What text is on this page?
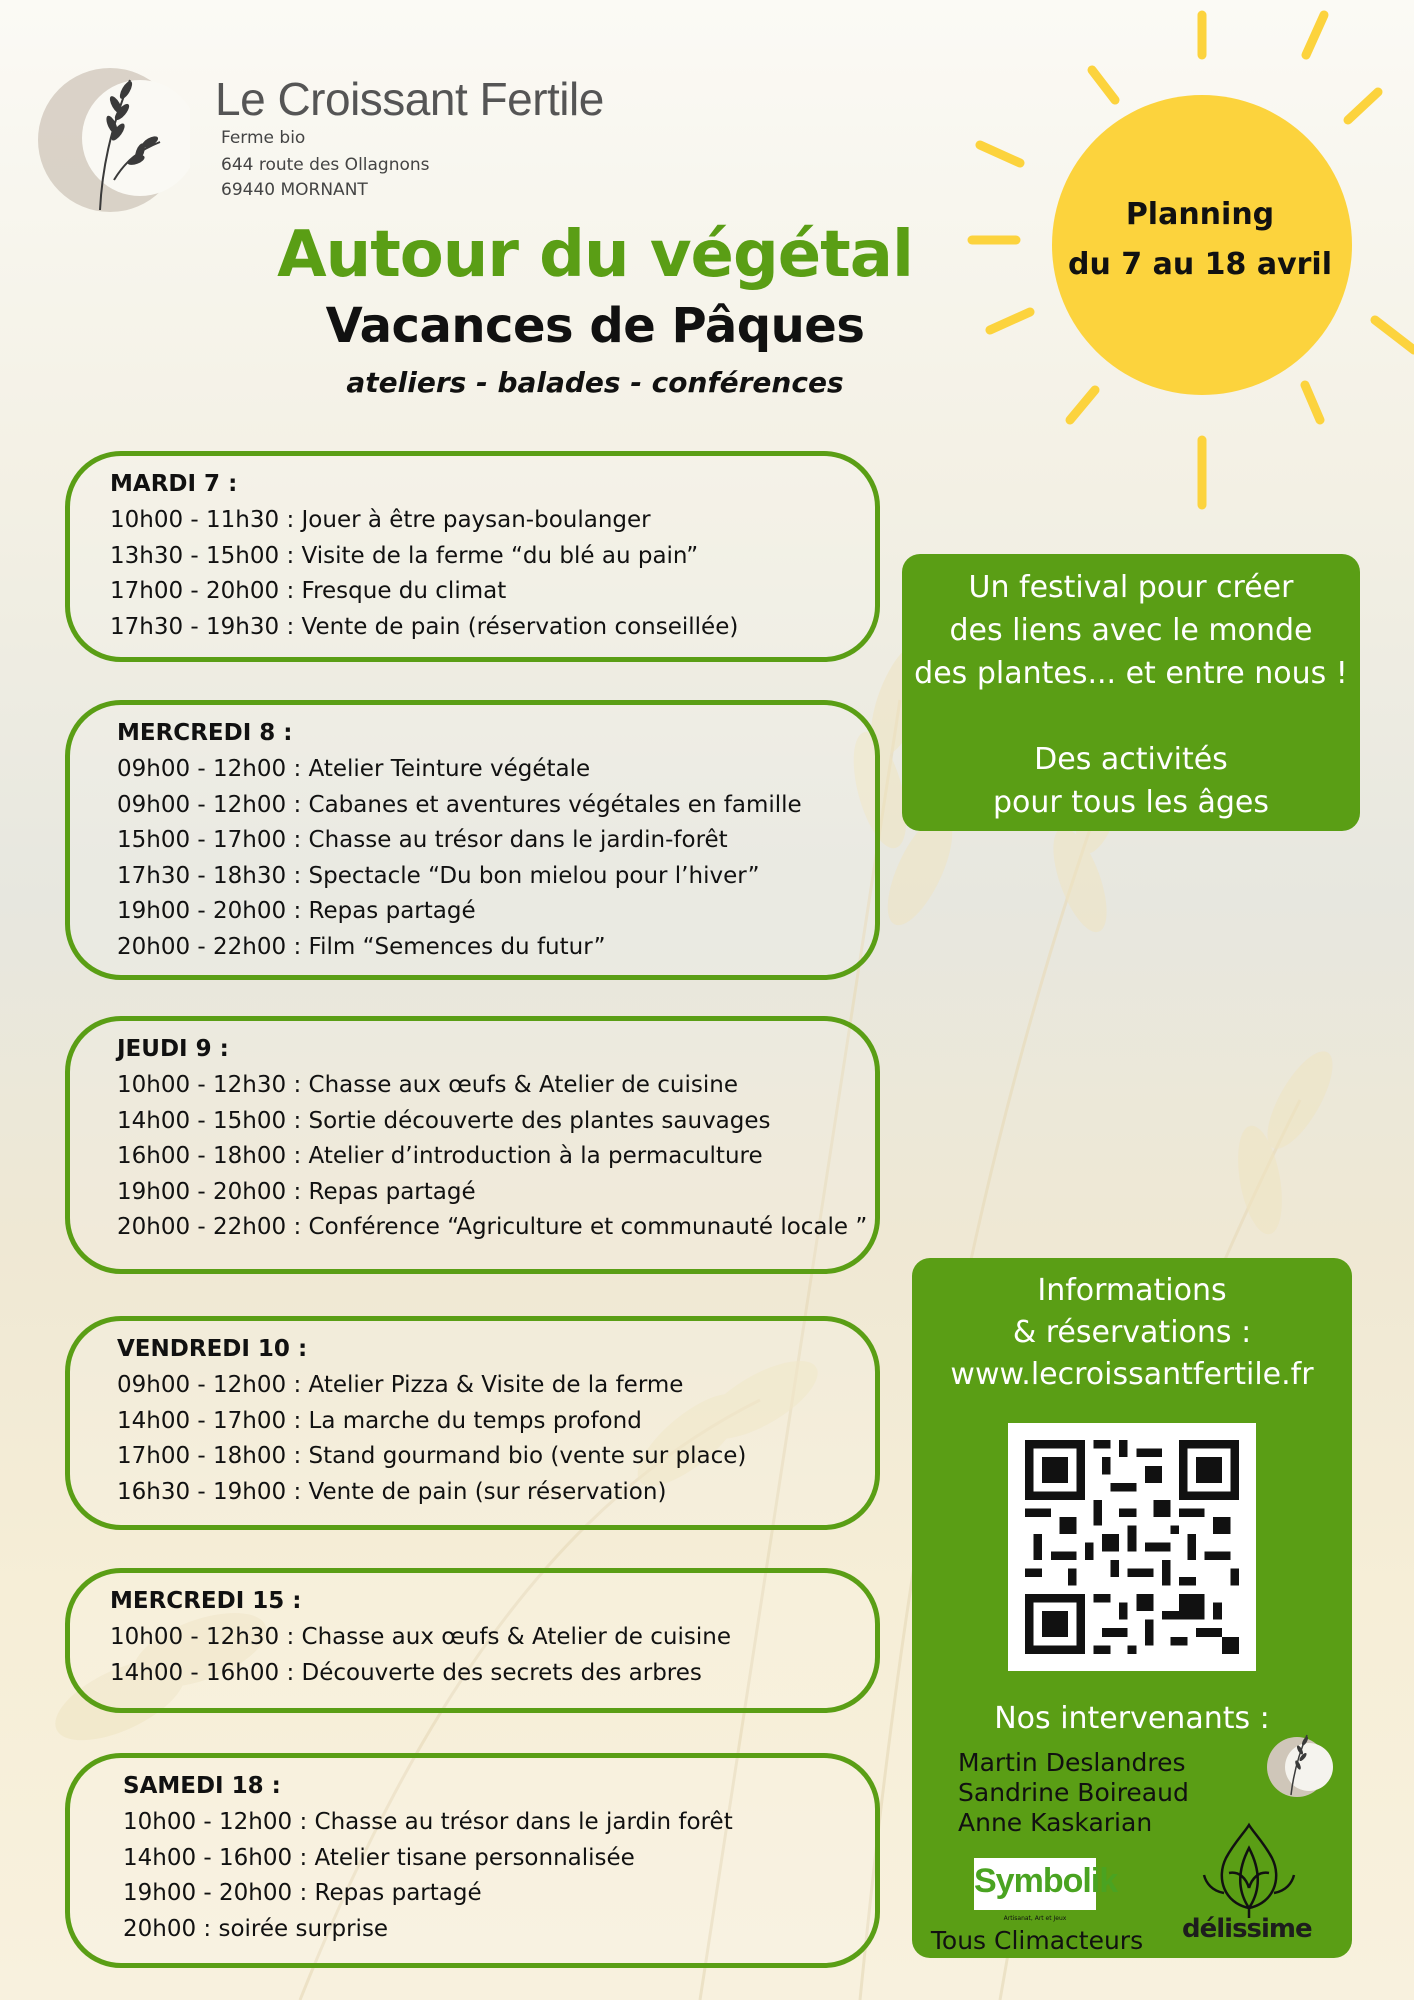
Le Croissant Fertile
Ferme bio
644 route des Ollagnons
69440 MORNANT
Planning
du 7 au 18 avril
Autour du végétal
Vacances de Pâques
ateliers - balades - conférences
MARDI 7 :
10h00 - 11h30 : Jouer à être paysan-boulanger
13h30 - 15h00 : Visite de la ferme “du blé au pain”
17h00 - 20h00 : Fresque du climat
17h30 - 19h30 : Vente de pain (réservation conseillée)
MERCREDI 8 :
09h00 - 12h00 : Atelier Teinture végétale
09h00 - 12h00 : Cabanes et aventures végétales en famille
15h00 - 17h00 : Chasse au trésor dans le jardin-forêt
17h30 - 18h30 : Spectacle “Du bon mielou pour l’hiver”
19h00 - 20h00 : Repas partagé
20h00 - 22h00 : Film “Semences du futur”
JEUDI 9 :
10h00 - 12h30 : Chasse aux œufs & Atelier de cuisine
14h00 - 15h00 : Sortie découverte des plantes sauvages
16h00 - 18h00 : Atelier d’introduction à la permaculture
19h00 - 20h00 : Repas partagé
20h00 - 22h00 : Conférence “Agriculture et communauté locale ”
VENDREDI 10 :
09h00 - 12h00 : Atelier Pizza & Visite de la ferme
14h00 - 17h00 : La marche du temps profond
17h00 - 18h00 : Stand gourmand bio (vente sur place)
16h30 - 19h00 : Vente de pain (sur réservation)
MERCREDI 15 :
10h00 - 12h30 : Chasse aux œufs & Atelier de cuisine
14h00 - 16h00 : Découverte des secrets des arbres
SAMEDI 18 :
10h00 - 12h00 : Chasse au trésor dans le jardin forêt
14h00 - 16h00 : Atelier tisane personnalisée
19h00 - 20h00 : Repas partagé
20h00 : soirée surprise
Un festival pour créer
des liens avec le monde
des plantes... et entre nous !
Des activités
pour tous les âges
Informations
& réservations :
www.lecroissantfertile.fr
Nos intervenants :
Martin Deslandres
Sandrine Boireaud
Anne Kaskarian
Symbolik
Artisanat, Art et Jeux	délissime
Tous Climacteurs
